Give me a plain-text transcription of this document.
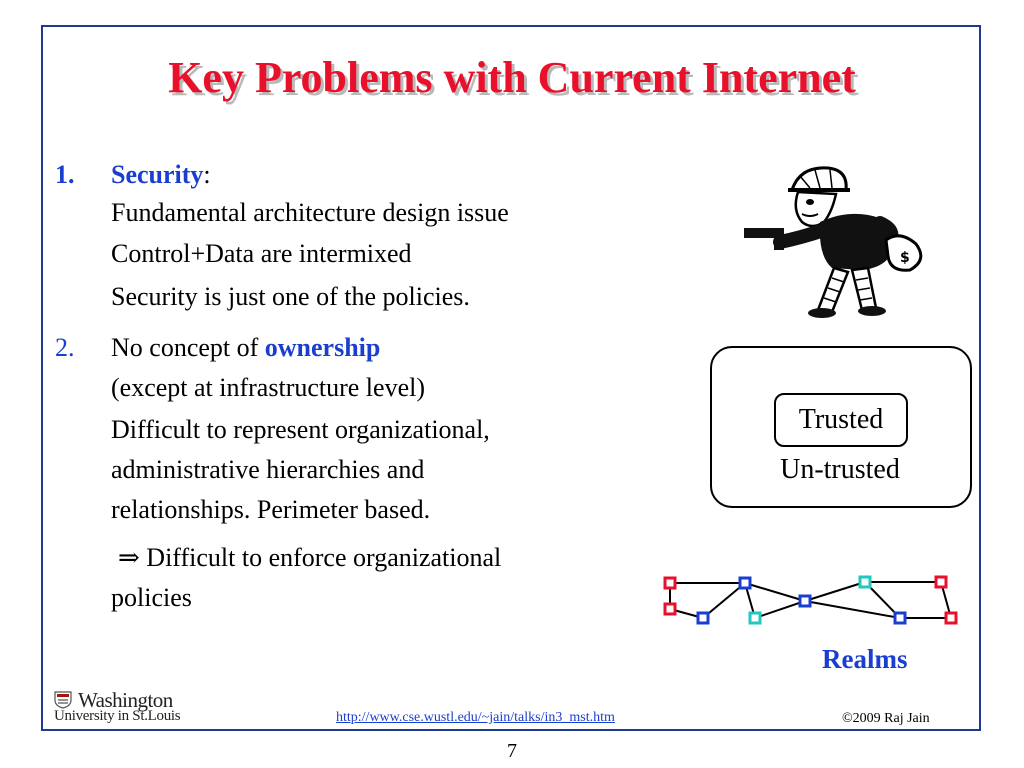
Key Problems with Current Internet
1. Security:
Fundamental architecture design issue
Control+Data are intermixed
Security is just one of the policies.
2. No concept of ownership
(except at infrastructure level)
Difficult to represent organizational,
administrative hierarchies and
relationships. Perimeter based.
⇒ Difficult to enforce organizational
policies
$
Trusted
Un-trusted
Realms
Washington
University in St.Louis	http://www.cse.wustl.edu/~jain/talks/in3_mst.htm	©2009 Raj Jain
7
